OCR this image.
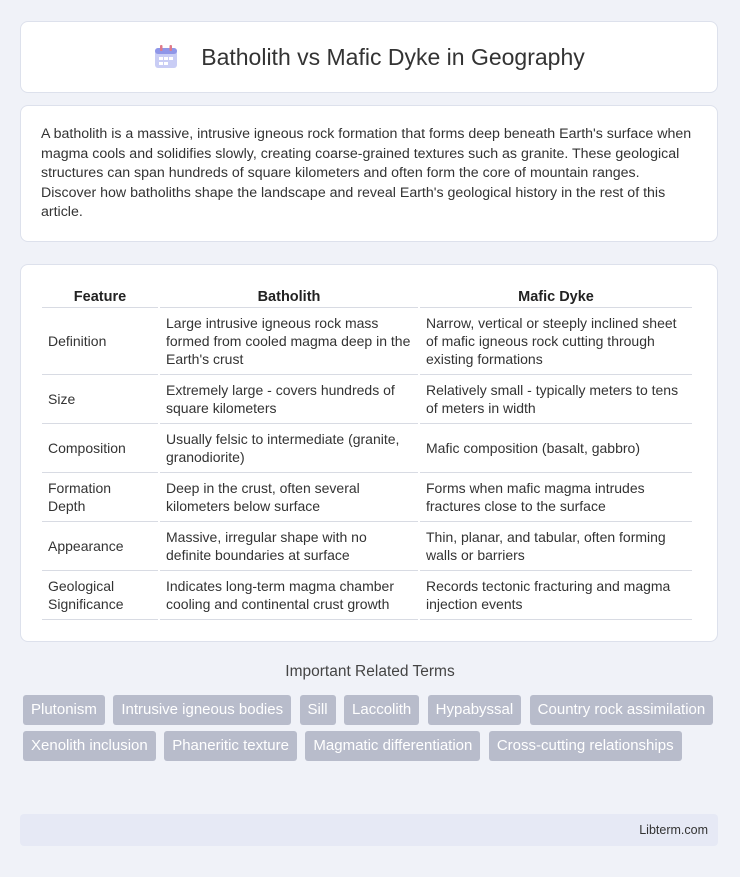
Batholith vs Mafic Dyke in Geography

A batholith is a massive, intrusive igneous rock formation that forms deep beneath Earth's surface when magma cools and solidifies slowly, creating coarse-grained textures such as granite. These geological structures can span hundreds of square kilometers and often form the core of mountain ranges. Discover how batholiths shape the landscape and reveal Earth's geological history in the rest of this article.

Feature	Batholith	Mafic Dyke
Definition	Large intrusive igneous rock mass formed from cooled magma deep in the Earth's crust	Narrow, vertical or steeply inclined sheet of mafic igneous rock cutting through existing formations
Size	Extremely large - covers hundreds of square kilometers	Relatively small - typically meters to tens of meters in width
Composition	Usually felsic to intermediate (granite, granodiorite)	Mafic composition (basalt, gabbro)
Formation Depth	Deep in the crust, often several kilometers below surface	Forms when mafic magma intrudes fractures close to the surface
Appearance	Massive, irregular shape with no definite boundaries at surface	Thin, planar, and tabular, often forming walls or barriers
Geological Significance	Indicates long-term magma chamber cooling and continental crust growth	Records tectonic fracturing and magma injection events
Important Related Terms
Plutonism Intrusive igneous bodies Sill Laccolith Hypabyssal Country rock assimilation Xenolith inclusion Phaneritic texture Magmatic differentiation Cross-cutting relationships
Libterm.com
